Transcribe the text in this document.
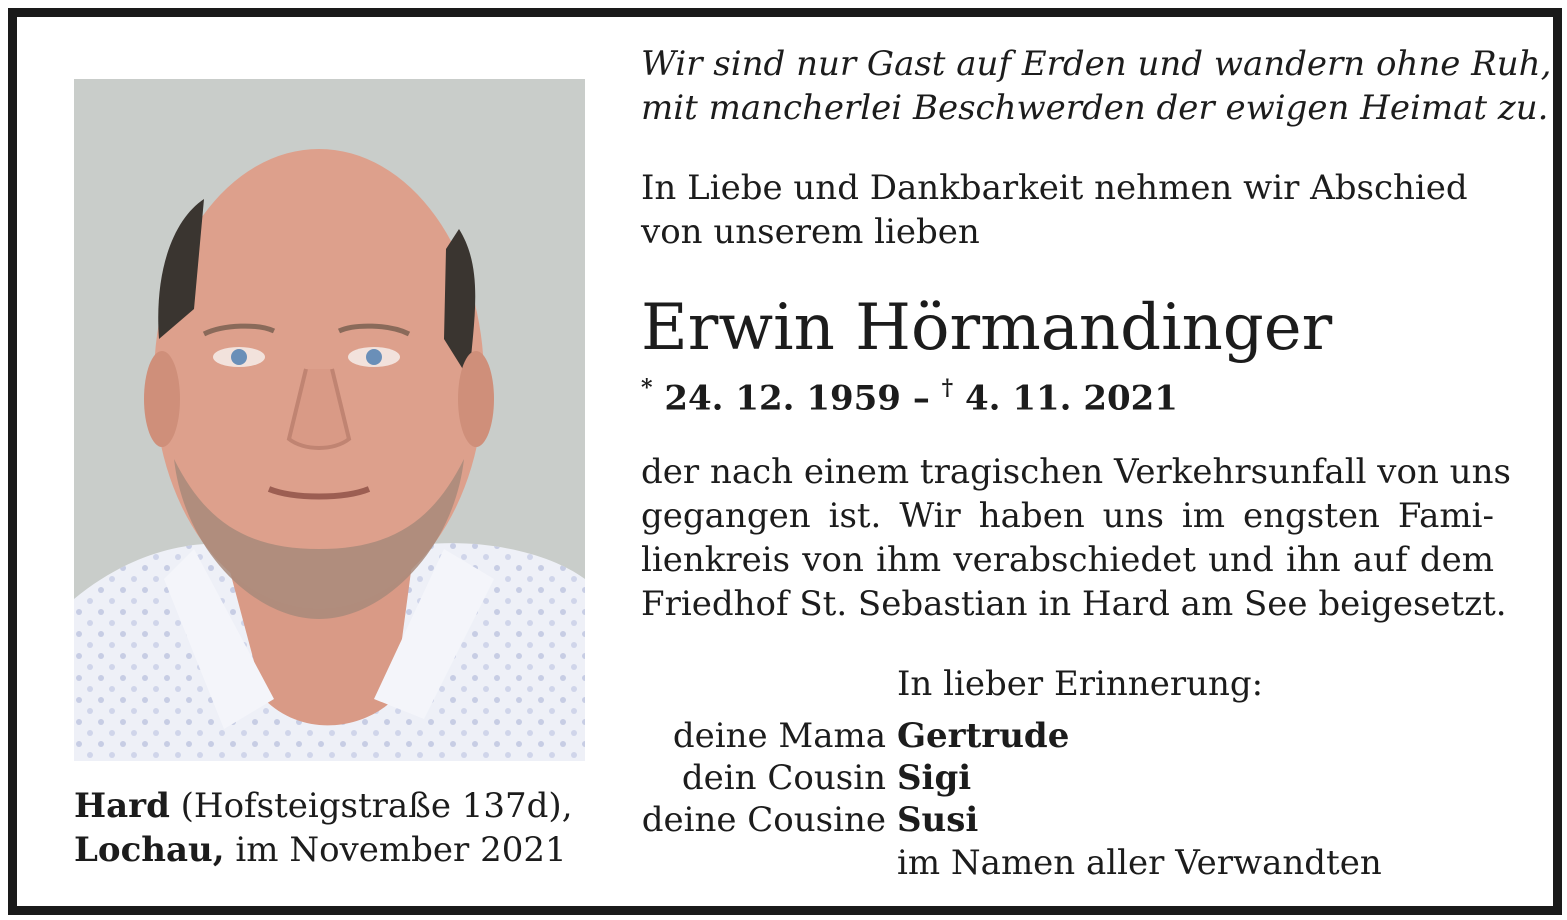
Hard (Hofsteigstraße 137d),
Lochau, im November 2021
Wir sind nur Gast auf Erden und wandern ohne Ruh,
mit mancherlei Beschwerden der ewigen Heimat zu.
In Liebe und Dankbarkeit nehmen wir Abschied
von unserem lieben
Erwin Hörmandinger
* 24. 12. 1959 – † 4. 11. 2021
der nach einem tragischen Verkehrsunfall von uns
gegangen ist. Wir haben uns im engsten Fami-
lienkreis von ihm verabschiedet und ihn auf dem
Friedhof St. Sebastian in Hard am See beigesetzt.
In lieber Erinnerung:
deine Mama Gertrude
dein Cousin Sigi
deine Cousine Susi
im Namen aller Verwandten
